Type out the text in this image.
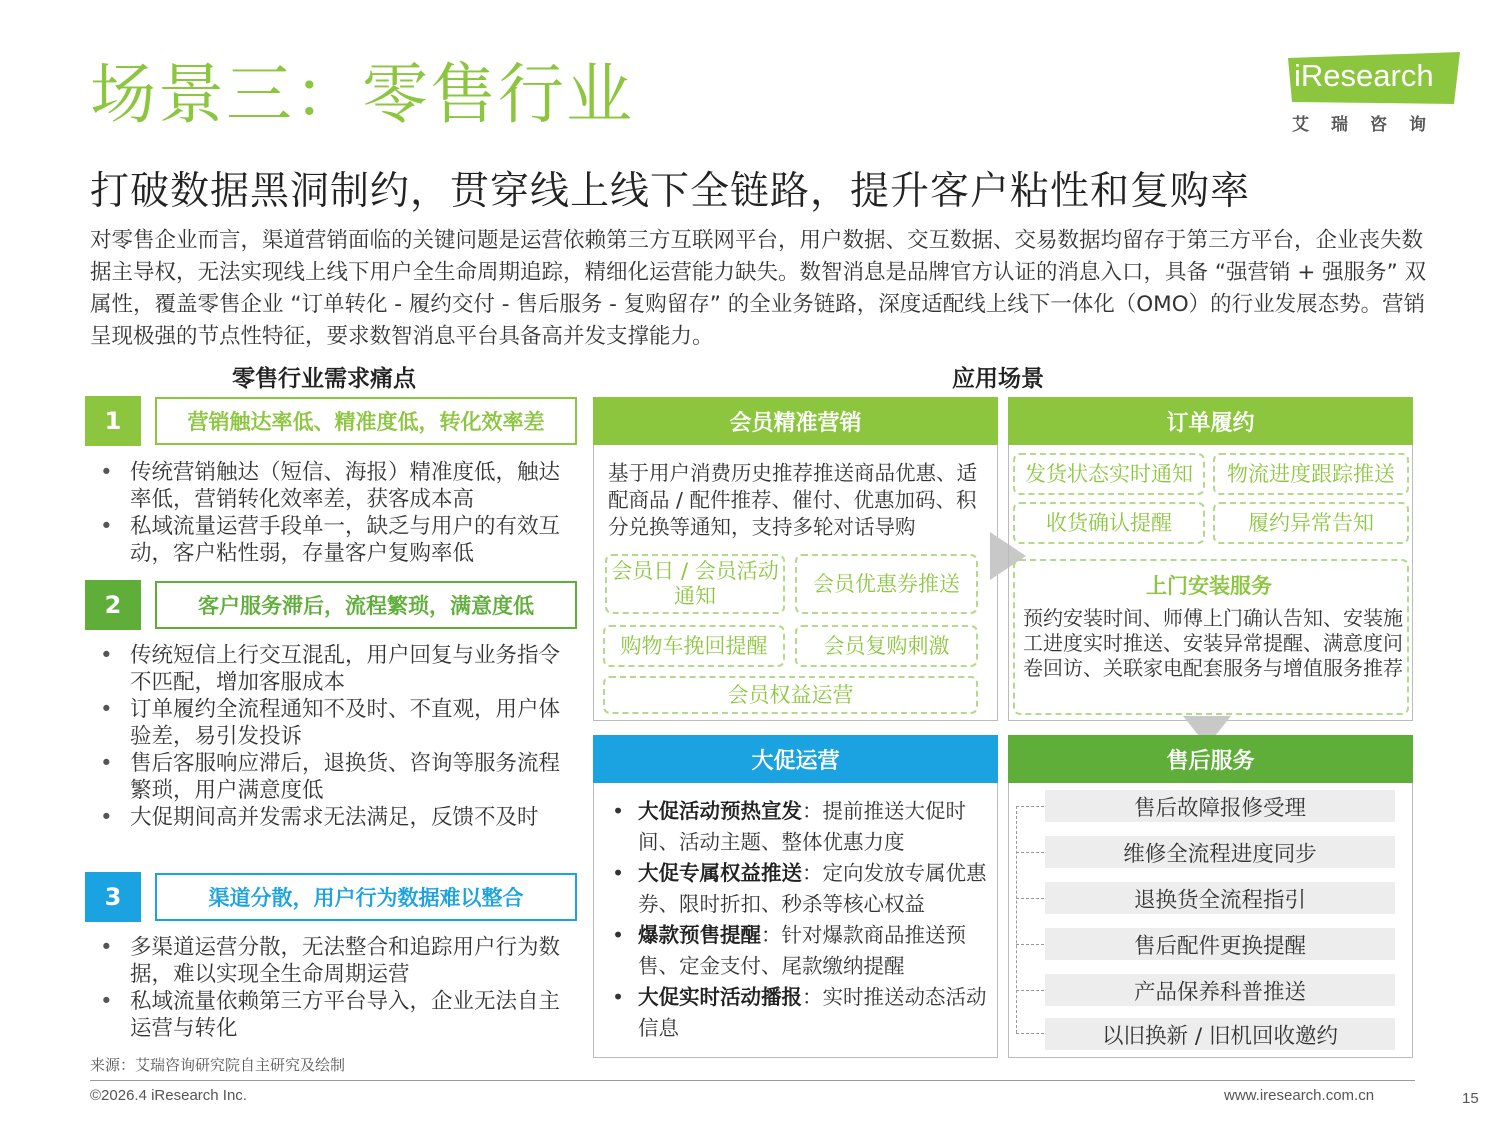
场景三：零售行业	iResearch
艾瑞咨询
打破数据黑洞制约，贯穿线上线下全链路，提升客户粘性和复购率
对零售企业而言，渠道营销面临的关键问题是运营依赖第三方互联网平台，用户数据、交互数据、交易数据均留存于第三方平台，企业丧失数据主导权，无法实现线上线下用户全生命周期追踪，精细化运营能力缺失。数智消息是品牌官方认证的消息入口，具备 “强营销 + 强服务” 双属性，覆盖零售企业 “订单转化 - 履约交付 - 售后服务 - 复购留存” 的全业务链路，深度适配线上线下一体化（OMO）的行业发展态势。营销呈现极强的节点性特征，要求数智消息平台具备高并发支撑能力。
零售行业需求痛点	应用场景
1	营销触达率低、精准度低，转化效率差
• 传统营销触达（短信、海报）精准度低，触达率低，营销转化效率差，获客成本高
• 私域流量运营手段单一，缺乏与用户的有效互动，客户粘性弱，存量客户复购率低
2	客户服务滞后，流程繁琐，满意度低
• 传统短信上行交互混乱，用户回复与业务指令不匹配，增加客服成本
• 订单履约全流程通知不及时、不直观，用户体验差，易引发投诉
• 售后客服响应滞后，退换货、咨询等服务流程繁琐，用户满意度低
• 大促期间高并发需求无法满足，反馈不及时
3	渠道分散，用户行为数据难以整合
• 多渠道运营分散，无法整合和追踪用户行为数据，难以实现全生命周期运营
• 私域流量依赖第三方平台导入，企业无法自主运营与转化
会员精准营销
基于用户消费历史推荐推送商品优惠、适配商品 / 配件推荐、催付、优惠加码、积分兑换等通知，支持多轮对话导购
会员日 / 会员活动通知
会员优惠券推送
购物车挽回提醒	会员复购刺激
会员权益运营
订单履约
发货状态实时通知	物流进度跟踪推送
收货确认提醒	履约异常告知
上门安装服务
预约安装时间、师傅上门确认告知、安装施工进度实时推送、安装异常提醒、满意度问卷回访、关联家电配套服务与增值服务推荐
大促运营
• 大促活动预热宣发：提前推送大促时间、活动主题、整体优惠力度
• 大促专属权益推送：定向发放专属优惠券、限时折扣、秒杀等核心权益
• 爆款预售提醒：针对爆款商品推送预售、定金支付、尾款缴纳提醒
• 大促实时活动播报：实时推送动态活动信息
售后服务
售后故障报修受理
维修全流程进度同步
退换货全流程指引
售后配件更换提醒
产品保养科普推送
以旧换新 / 旧机回收邀约
来源：艾瑞咨询研究院自主研究及绘制
©2026.4 iResearch Inc.	www.iresearch.com.cn	15
